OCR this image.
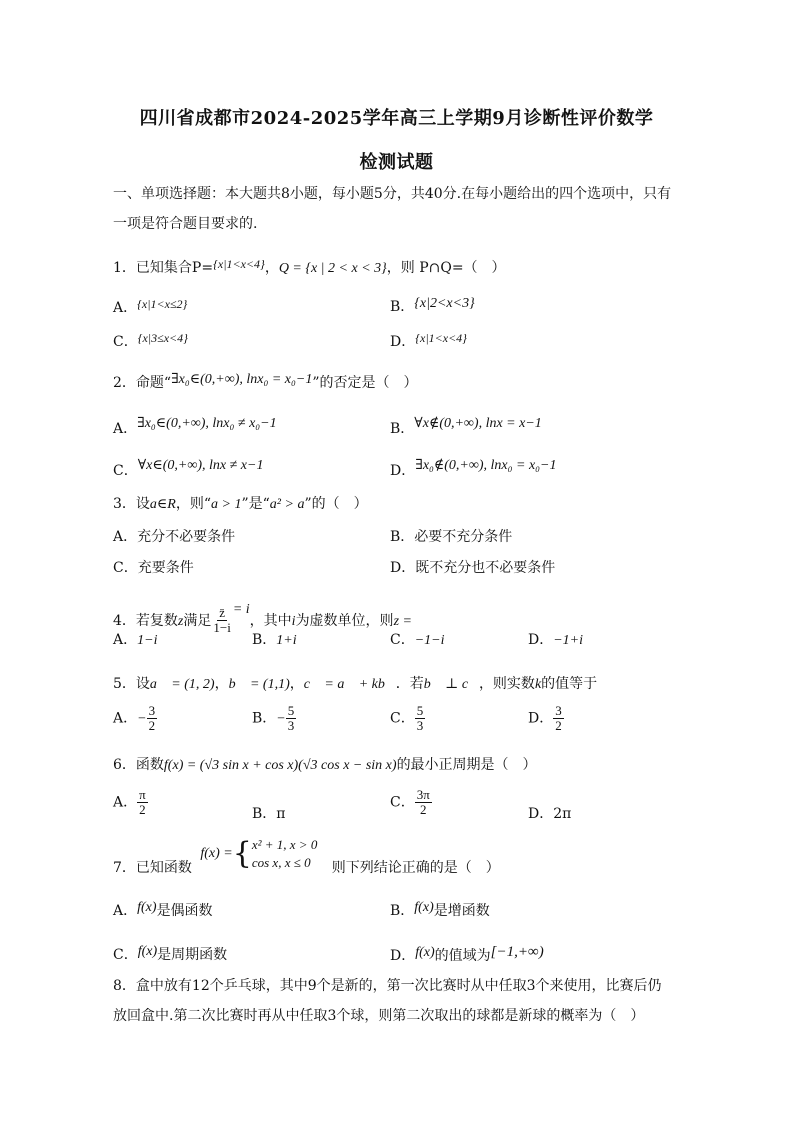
四川省成都市2024-2025学年高三上学期9月诊断性评价数学
检测试题
一、单项选择题：本大题共8小题，每小题5分，共40分.在每小题给出的四个选项中，只有
一项是符合题目要求的.
1．已知集合P={x|1<x<4}，Q = {x | 2 < x < 3}，则 P∩Q=（　）
A．{x|1<x≤2}	B．{x|2<x<3}
C．{x|3≤x<4}	D．{x|1<x<4}
2．命题“∃x₀∈(0,+∞), lnx₀ = x₀−1”的否定是（　）
A．∃x₀∈(0,+∞), lnx₀ ≠ x₀−1	B．∀x∉(0,+∞), lnx = x−1
C．∀x∈(0,+∞), lnx ≠ x−1	D．∃x₀∉(0,+∞), lnx₀ = x₀−1
3．设a∈R，则“a > 1”是“a² > a”的（　）
A．充分不必要条件	B．必要不充分条件
C．充要条件	D．既不充分也不必要条件
4．若复数z满足 $\frac{z̄}{1-i} = i$，其中i为虚数单位，则z =
A．1−i	B．1+i	C．−1−i	D．−1+i
5．设a⃗ = (1, 2)，b⃗ = (1,1)，c⃗ = a⃗ + kb⃗．若b⃗ ⊥ c⃗，则实数k的值等于
A．− $\frac{3}{2}$	B．− $\frac{5}{3}$	C． $\frac{5}{3}$	D． $\frac{3}{2}$
6．函数f(x) = (√3 sin x + cos x)(√3 cos x − sin x)的最小正周期是（　）
A． $\frac{\pi}{2}$	B．π
C． $\frac{3\pi}{2}$	D．2π
7．已知函数 f(x) ={ x² + 1, x > 0
cos x, x ≤ 0	则下列结论正确的是（　）
A．f(x)是偶函数	B．f(x)是增函数
C．f(x)是周期函数	D．f(x)的值域为[−1,+∞)
8．盒中放有12个乒乓球，其中9个是新的，第一次比赛时从中任取3个来使用，比赛后仍
放回盒中.第二次比赛时再从中任取3个球，则第二次取出的球都是新球的概率为（　）
